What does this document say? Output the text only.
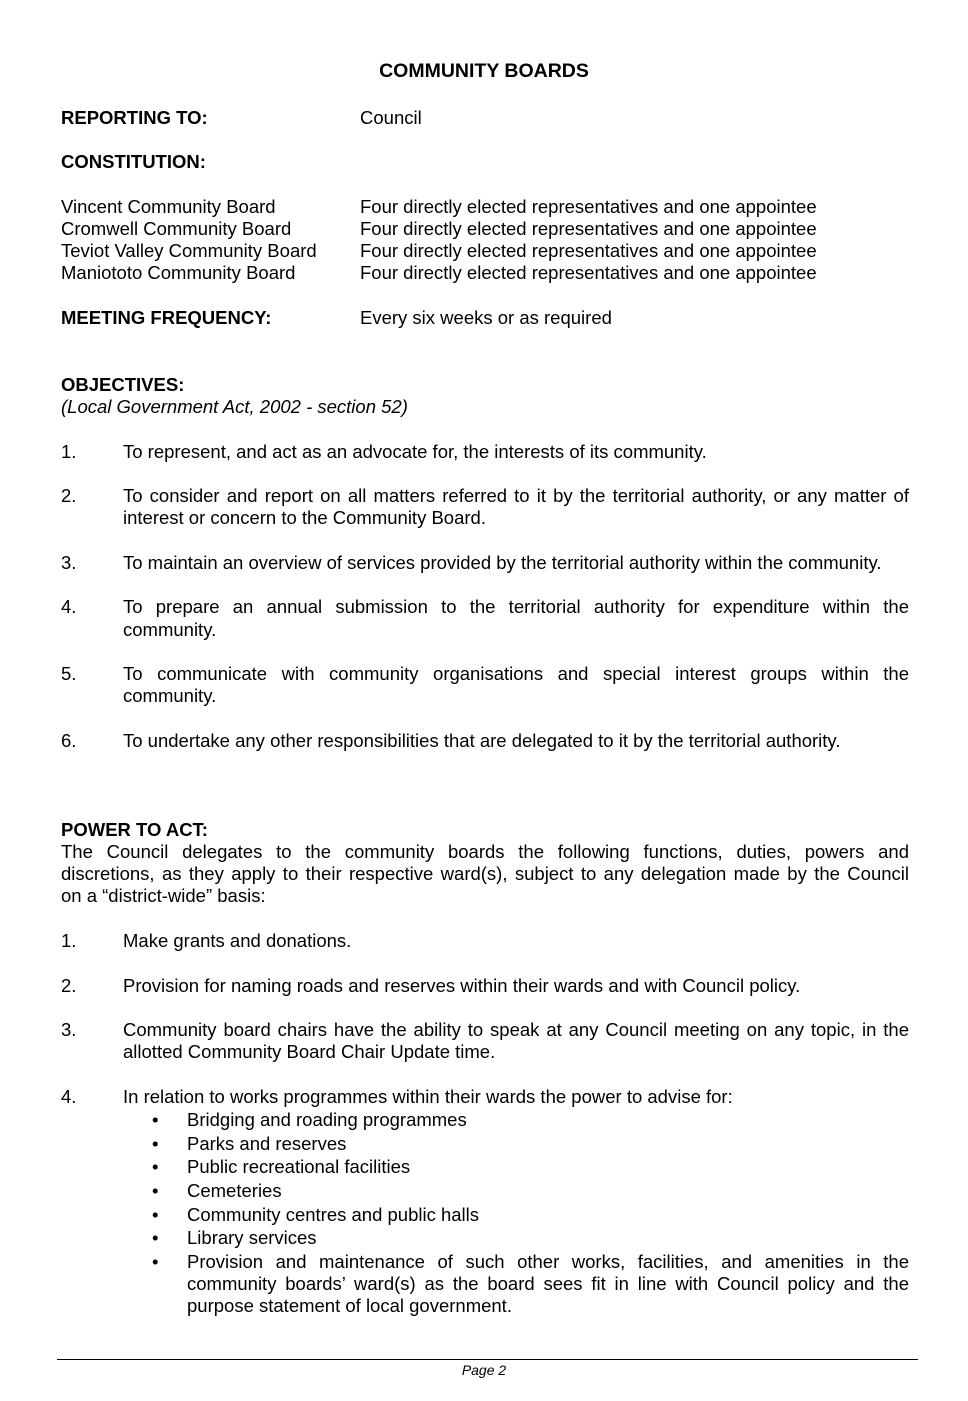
COMMUNITY BOARDS
REPORTING TO:	Council
CONSTITUTION:
Vincent Community Board	Four directly elected representatives and one appointee
Cromwell Community Board	Four directly elected representatives and one appointee
Teviot Valley Community Board Four directly elected representatives and one appointee
Maniototo Community Board	Four directly elected representatives and one appointee
MEETING FREQUENCY:	Every six weeks or as required
OBJECTIVES:
(Local Government Act, 2002 - section 52)
1.	To represent, and act as an advocate for, the interests of its community.
2.	To consider and report on all matters referred to it by the territorial authority, or any matter of
interest or concern to the Community Board.
3.	To maintain an overview of services provided by the territorial authority within the community.
4.	To prepare an annual submission to the territorial authority for expenditure within the
community.
5.	To communicate with community organisations and special interest groups within the
community.
6.	To undertake any other responsibilities that are delegated to it by the territorial authority.
POWER TO ACT:
The Council delegates to the community boards the following functions, duties, powers and
discretions, as they apply to their respective ward(s), subject to any delegation made by the Council
on a “district-wide” basis:
1.	Make grants and donations.
2.	Provision for naming roads and reserves within their wards and with Council policy.
3.	Community board chairs have the ability to speak at any Council meeting on any topic, in the
allotted Community Board Chair Update time.
4.	In relation to works programmes within their wards the power to advise for:
• Bridging and roading programmes
• Parks and reserves
• Public recreational facilities
• Cemeteries
• Community centres and public halls
• Library services
• Provision and maintenance of such other works, facilities, and amenities in the
community boards’ ward(s) as the board sees fit in line with Council policy and the
purpose statement of local government.
Page 2
